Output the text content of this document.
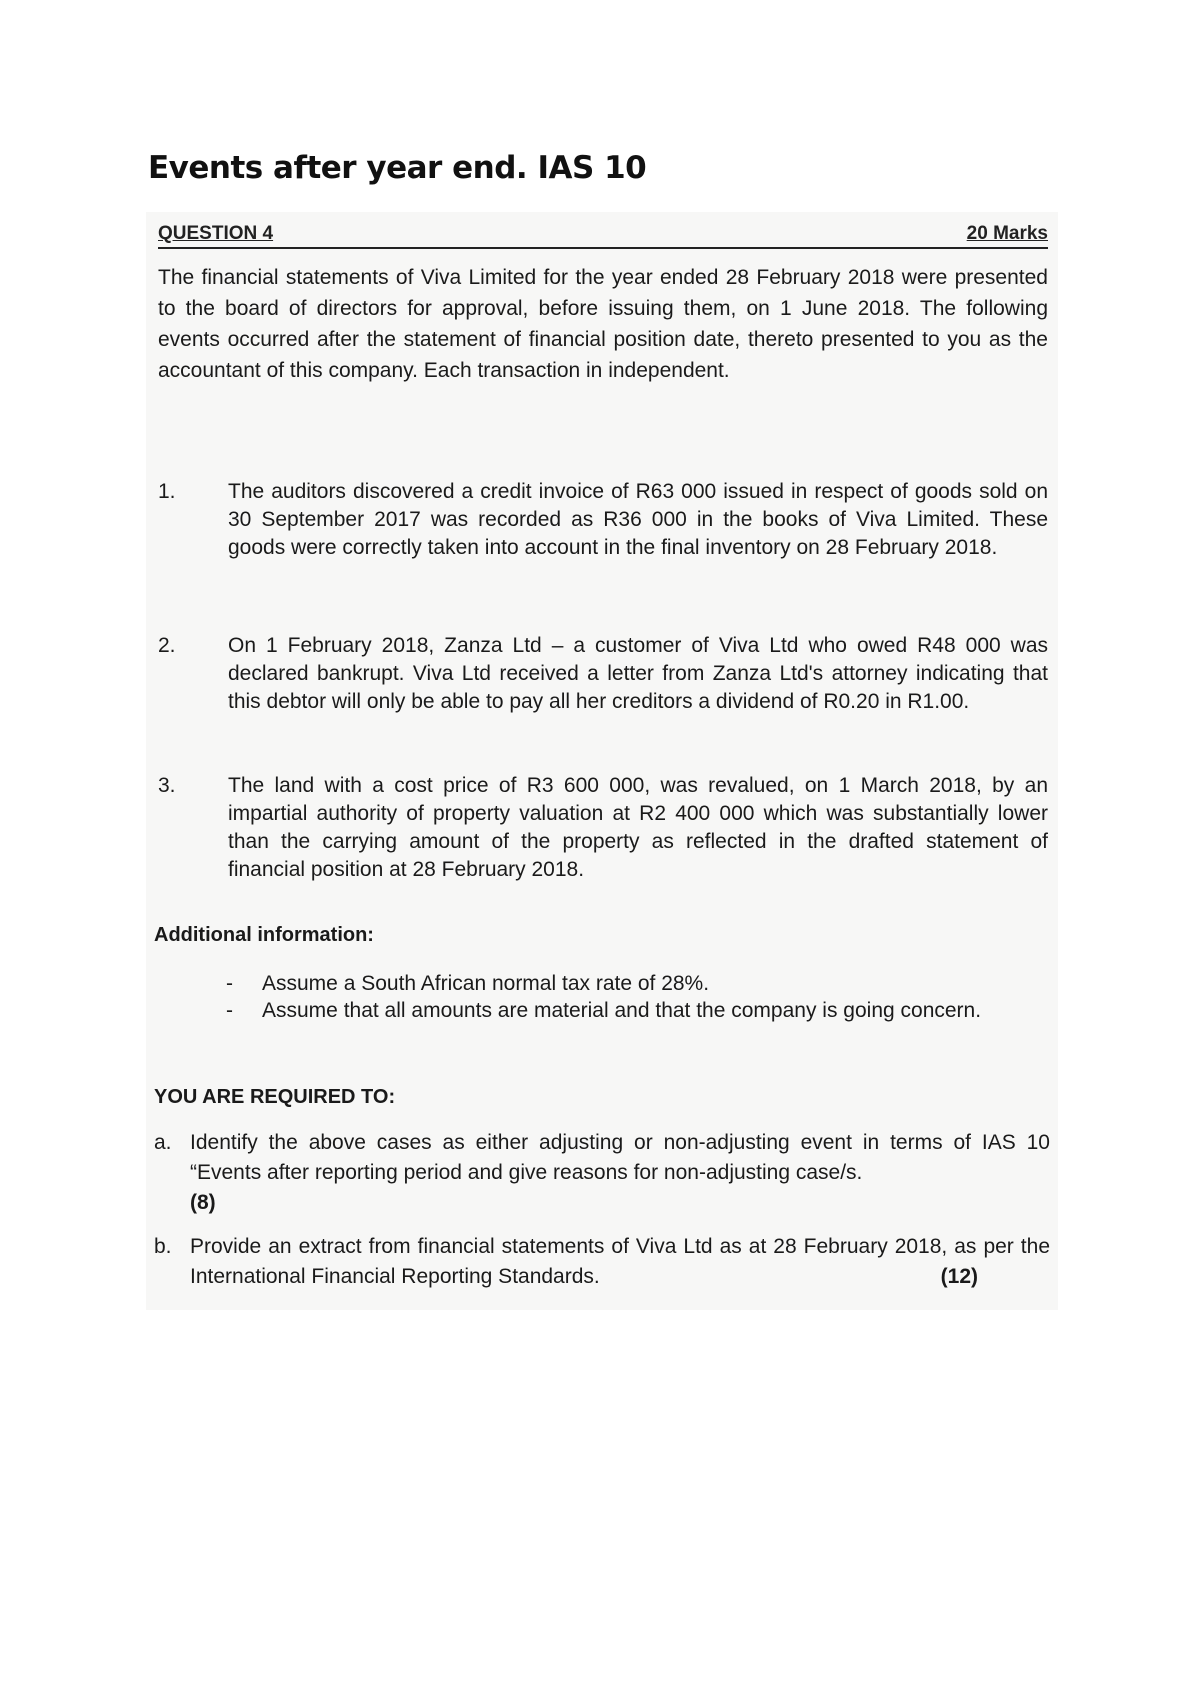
Events after year end. IAS 10
QUESTION 4	20 Marks

The financial statements of Viva Limited for the year ended 28 February 2018 were presented to the board of directors for approval, before issuing them, on 1 June 2018. The following events occurred after the statement of financial position date, thereto presented to you as the accountant of this company. Each transaction in independent.

1.	The auditors discovered a credit invoice of R63 000 issued in respect of goods sold on 30 September 2017 was recorded as R36 000 in the books of Viva Limited. These goods were correctly taken into account in the final inventory on 28 February 2018.
2.	On 1 February 2018, Zanza Ltd – a customer of Viva Ltd who owed R48 000 was declared bankrupt. Viva Ltd received a letter from Zanza Ltd's attorney indicating that this debtor will only be able to pay all her creditors a dividend of R0.20 in R1.00.
3.	The land with a cost price of R3 600 000, was revalued, on 1 March 2018, by an impartial authority of property valuation at R2 400 000 which was substantially lower than the carrying amount of the property as reflected in the drafted statement of financial position at 28 February 2018.
Additional information:
- Assume a South African normal tax rate of 28%.
- Assume that all amounts are material and that the company is going concern.
YOU ARE REQUIRED TO:
a. Identify the above cases as either adjusting or non-adjusting event in terms of IAS 10 “Events after reporting period and give reasons for non-adjusting case/s.
(8)
b. Provide an extract from financial statements of Viva Ltd as at 28 February 2018, as per the International Financial Reporting Standards.	(12)
